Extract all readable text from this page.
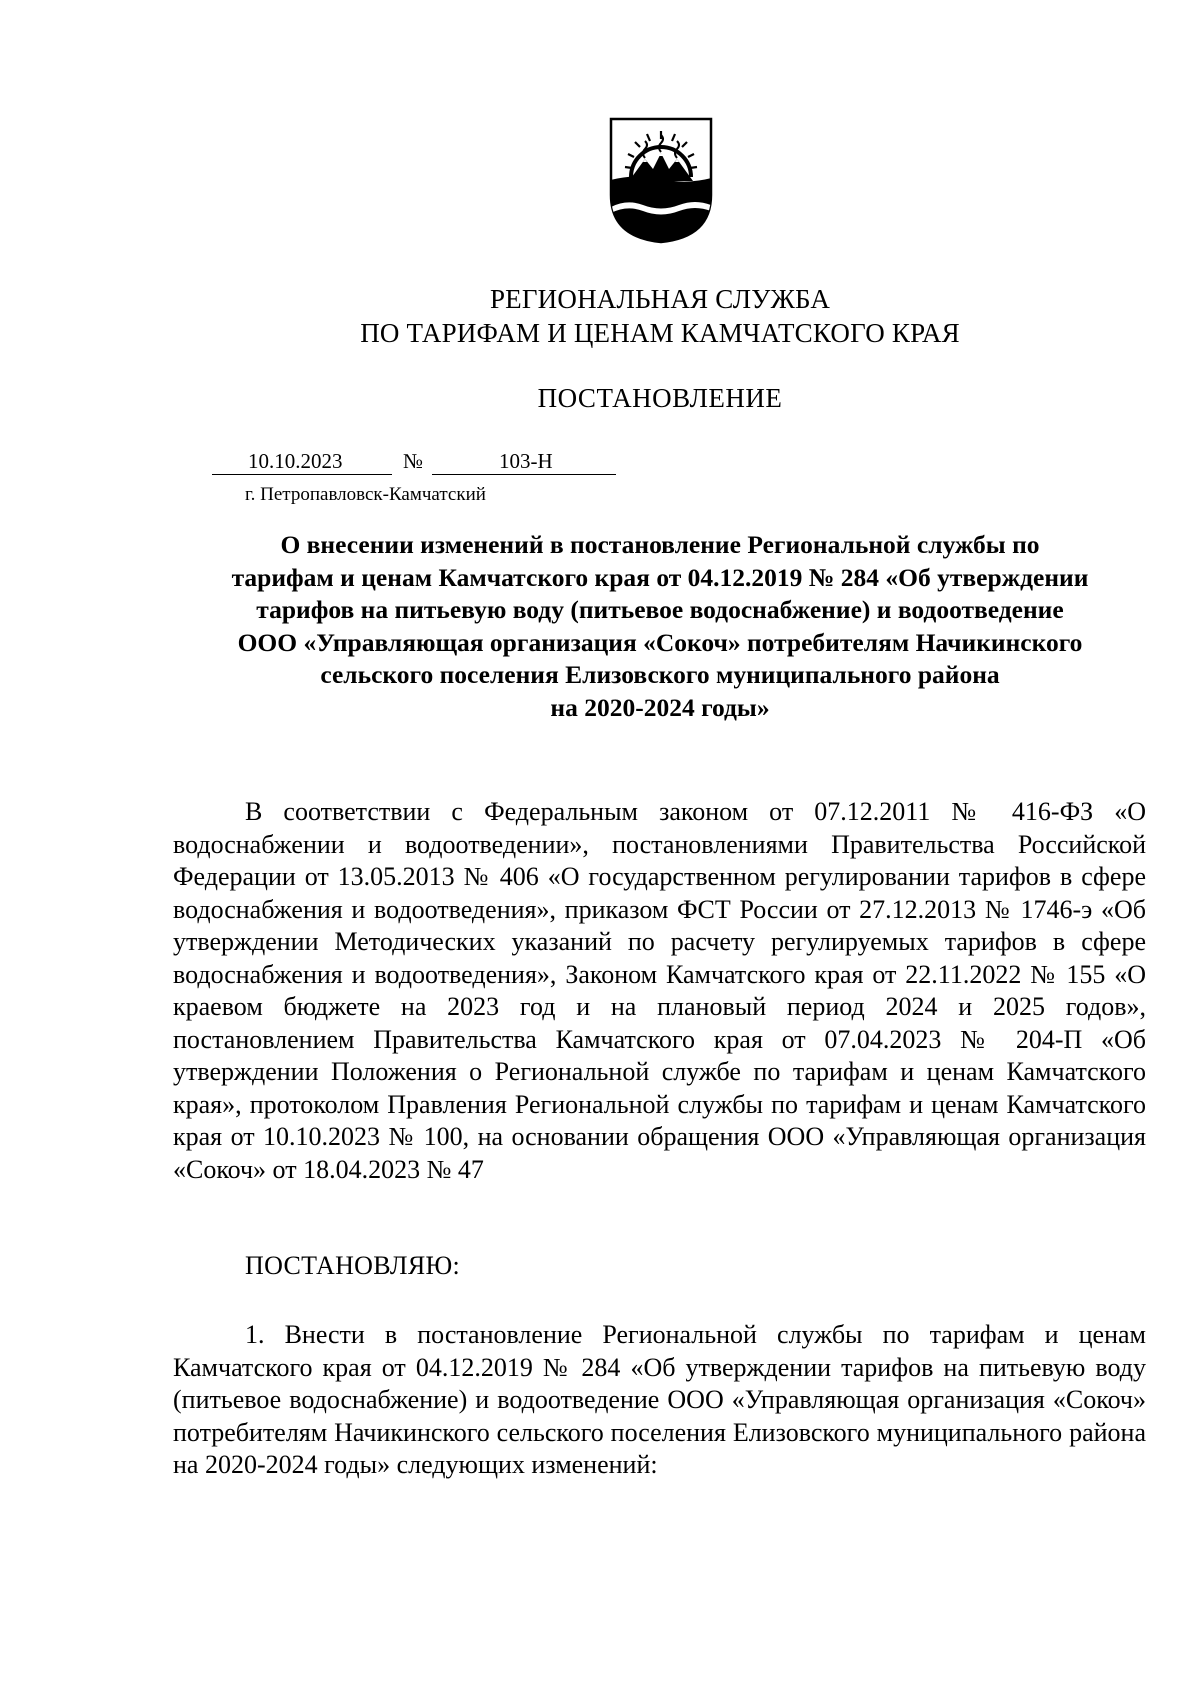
РЕГИОНАЛЬНАЯ СЛУЖБА
ПО ТАРИФАМ И ЦЕНАМ КАМЧАТСКОГО КРАЯ
ПОСТАНОВЛЕНИЕ
10.10.2023	№	103-Н
г. Петропавловск-Камчатский
О внесении изменений в постановление Региональной службы по
тарифам и ценам Камчатского края от 04.12.2019 № 284 «Об утверждении
тарифов на питьевую воду (питьевое водоснабжение) и водоотведение
ООО «Управляющая организация «Сокоч» потребителям Начикинского
сельского поселения Елизовского муниципального района
на 2020-2024 годы»

В соответствии с Федеральным законом от 07.12.2011 № 416-ФЗ «О водоснабжении и водоотведении», постановлениями Правительства Российской Федерации от 13.05.2013 № 406 «О государственном регулировании тарифов в сфере водоснабжения и водоотведения», приказом ФСТ России от 27.12.2013 № 1746-э «Об утверждении Методических указаний по расчету регулируемых тарифов в сфере водоснабжения и водоотведения», Законом Камчатского края от 22.11.2022 № 155 «О краевом бюджете на 2023 год и на плановый период 2024 и 2025 годов», постановлением Правительства Камчатского края от 07.04.2023 № 204-П «Об утверждении Положения о Региональной службе по тарифам и ценам Камчатского края», протоколом Правления Региональной службы по тарифам и ценам Камчатского края от 10.10.2023 № 100, на основании обращения ООО «Управляющая организация «Сокоч» от 18.04.2023 № 47

ПОСТАНОВЛЯЮ:

1. Внести в постановление Региональной службы по тарифам и ценам Камчатского края от 04.12.2019 № 284 «Об утверждении тарифов на питьевую воду (питьевое водоснабжение) и водоотведение ООО «Управляющая организация «Сокоч» потребителям Начикинского сельского поселения Елизовского муниципального района на 2020-2024 годы» следующих изменений:
